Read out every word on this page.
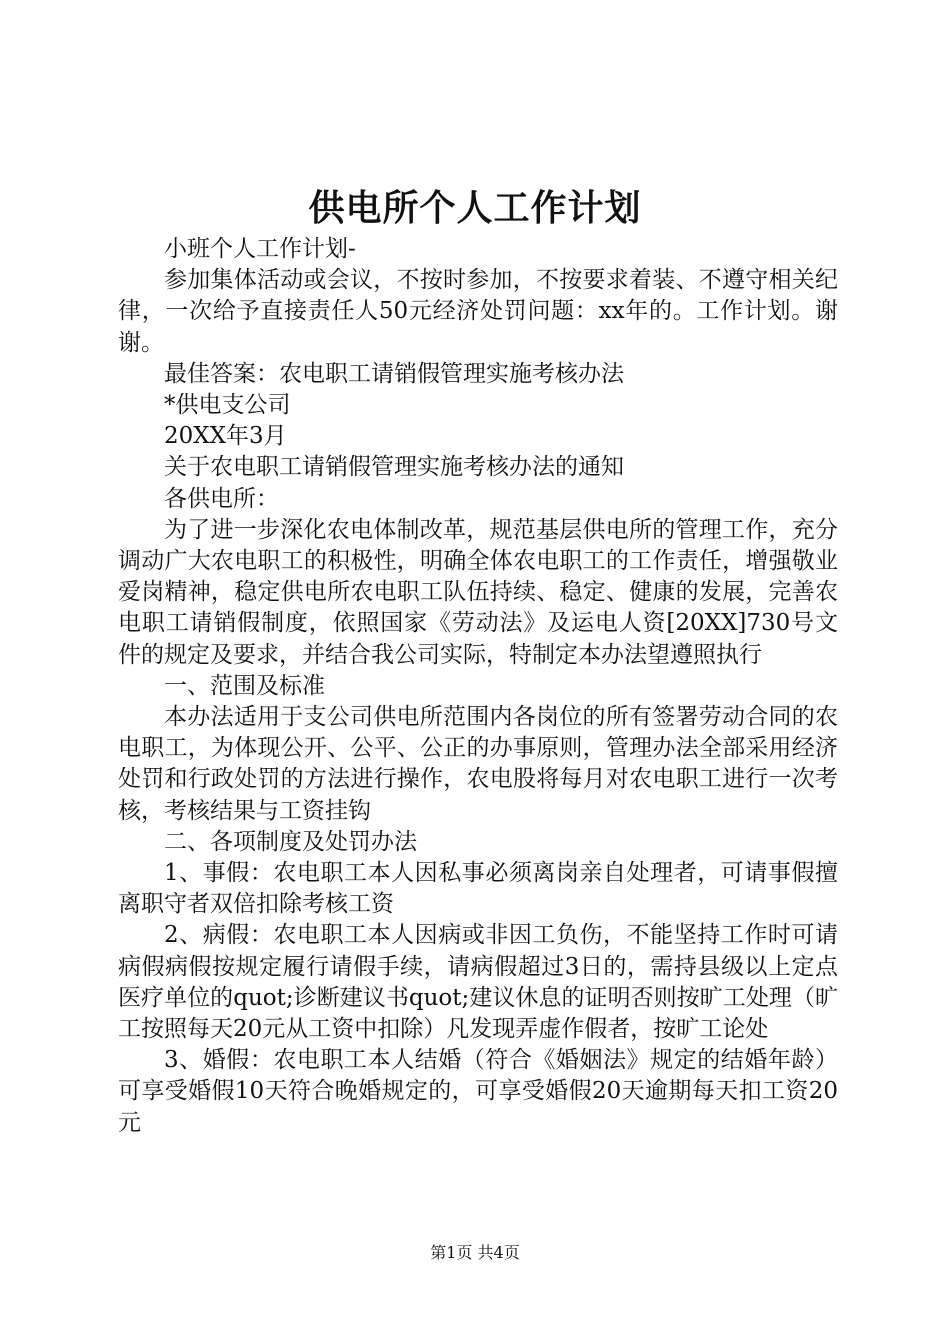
供电所个人工作计划

小班个人工作计划-

参加集体活动或会议，不按时参加，不按要求着装、不遵守相关纪律，一次给予直接责任人50元经济处罚问题：xx年的。工作计划。谢谢。

最佳答案：农电职工请销假管理实施考核办法

*供电支公司

20XX年3月

关于农电职工请销假管理实施考核办法的通知

各供电所：

为了进一步深化农电体制改革，规范基层供电所的管理工作，充分调动广大农电职工的积极性，明确全体农电职工的工作责任，增强敬业爱岗精神，稳定供电所农电职工队伍持续、稳定、健康的发展，完善农电职工请销假制度，依照国家《劳动法》及运电人资[20XX]730号文件的规定及要求，并结合我公司实际，特制定本办法望遵照执行

一、范围及标准

本办法适用于支公司供电所范围内各岗位的所有签署劳动合同的农电职工，为体现公开、公平、公正的办事原则，管理办法全部采用经济处罚和行政处罚的方法进行操作，农电股将每月对农电职工进行一次考核，考核结果与工资挂钩

二、各项制度及处罚办法

1、事假：农电职工本人因私事必须离岗亲自处理者，可请事假擅离职守者双倍扣除考核工资

2、病假：农电职工本人因病或非因工负伤，不能坚持工作时可请病假病假按规定履行请假手续，请病假超过3日的，需持县级以上定点医疗单位的quot;诊断建议书quot;建议休息的证明否则按旷工处理（旷工按照每天20元从工资中扣除）凡发现弄虚作假者，按旷工论处

3、婚假：农电职工本人结婚（符合《婚姻法》规定的结婚年龄）可享受婚假10天符合晚婚规定的，可享受婚假20天逾期每天扣工资20元

第1页 共4页
